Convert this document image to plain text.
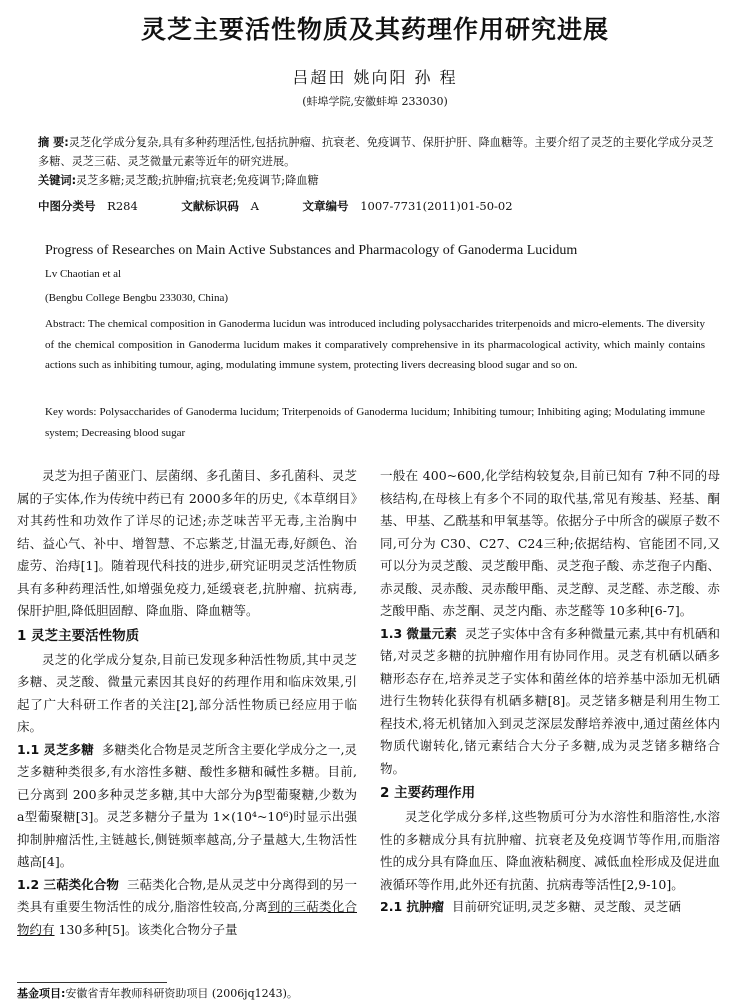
灵芝主要活性物质及其药理作用研究进展
吕超田 姚向阳 孙 程
(蚌埠学院,安徽蚌埠 233030)
摘 要:灵芝化学成分复杂,具有多种药理活性,包括抗肿瘤、抗衰老、免疫调节、保肝护肝、降血糖等。主要介绍了灵芝的主要化学成分灵芝多糖、灵芝三萜、灵芝微量元素等近年的研究进展。
关键词:灵芝多糖;灵芝酸;抗肿瘤;抗衰老;免疫调节;降血糖
中图分类号 R284	文献标识码 A	文章编号 1007-7731(2011)01-50-02
Progress of Researches on Main Active Substances and Pharmacology of Ganoderma Lucidum
Lv Chaotian et al
(Bengbu College Bengbu 233030, China)
Abstract: The chemical composition in Ganoderma lucidun was introduced including polysaccharides triterpenoids and micro-elements. The diversity of the chemical composition in Ganoderma lucidum makes it comparatively comprehensive in its pharmacological activity, which mainly contains actions such as inhibiting tumour, aging, modulating immune system, protecting livers decreasing blood sugar and so on.
Key words: Polysaccharides of Ganoderma lucidum; Triterpenoids of Ganoderma lucidum; Inhibiting tumour; Inhibiting aging; Modulating immune system; Decreasing blood sugar

灵芝为担子菌亚门、层菌纲、多孔菌目、多孔菌科、灵芝属的子实体,作为传统中药已有 2000多年的历史,《本草纲目》对其药性和功效作了详尽的记述;赤芝味苦平无毒,主治胸中结、益心气、补中、增智慧、不忘紫芝,甘温无毒,好颜色、治虚劳、治痔[1]。随着现代科技的进步,研究证明灵芝活性物质具有多种药理活性,如增强免疫力,延缓衰老,抗肿瘤、抗病毒,保肝护胆,降低胆固醇、降血脂、降血糖等。

1 灵芝主要活性物质

灵芝的化学成分复杂,目前已发现多种活性物质,其中灵芝多糖、灵芝酸、微量元素因其良好的药理作用和临床效果,引起了广大科研工作者的关注[2],部分活性物质已经应用于临床。

1.1 灵芝多糖 多糖类化合物是灵芝所含主要化学成分之一,灵芝多糖种类很多,有水溶性多糖、酸性多糖和碱性多糖。目前,已分离到 200多种灵芝多糖,其中大部分为β型葡聚糖,少数为 a型葡聚糖[3]。灵芝多糖分子量为 1×(10⁴~10⁶)时显示出强抑制肿瘤活性,主链越长,侧链频率越高,分子量越大,生物活性越高[4]。

1.2 三萜类化合物 三萜类化合物,是从灵芝中分离得到的另一类具有重要生物活性的成分,脂溶性较高,分离到的三萜类化合物约有 130多种[5]。该类化合物分子量

一般在 400~600,化学结构较复杂,目前已知有 7种不同的母核结构,在母核上有多个不同的取代基,常见有羧基、羟基、酮基、甲基、乙酰基和甲氧基等。依据分子中所含的碳原子数不同,可分为 C30、C27、C24三种;依据结构、官能团不同,又可以分为灵芝酸、灵芝酸甲酯、灵芝孢子酸、赤芝孢子内酯、赤灵酸、灵赤酸、灵赤酸甲酯、灵芝醇、灵芝醛、赤芝酸、赤芝酸甲酯、赤芝酮、灵芝内酯、赤芝醛等 10多种[6-7]。

1.3 微量元素 灵芝子实体中含有多种微量元素,其中有机硒和锗,对灵芝多糖的抗肿瘤作用有协同作用。灵芝有机硒以硒多糖形态存在,培养灵芝子实体和菌丝体的培养基中添加无机硒进行生物转化获得有机硒多糖[8]。灵芝锗多糖是利用生物工程技术,将无机锗加入到灵芝深层发酵培养液中,通过菌丝体内物质代谢转化,锗元素结合大分子多糖,成为灵芝锗多糖络合物。

2 主要药理作用

灵芝化学成分多样,这些物质可分为水溶性和脂溶性,水溶性的多糖成分具有抗肿瘤、抗衰老及免疫调节等作用,而脂溶性的成分具有降血压、降血液粘稠度、减低血栓形成及促进血液循环等作用,此外还有抗菌、抗病毒等活性[2,9-10]。

2.1 抗肿瘤 目前研究证明,灵芝多糖、灵芝酸、灵芝硒

基金项目:安徽省青年教师科研资助项目 (2006jq1243)。
